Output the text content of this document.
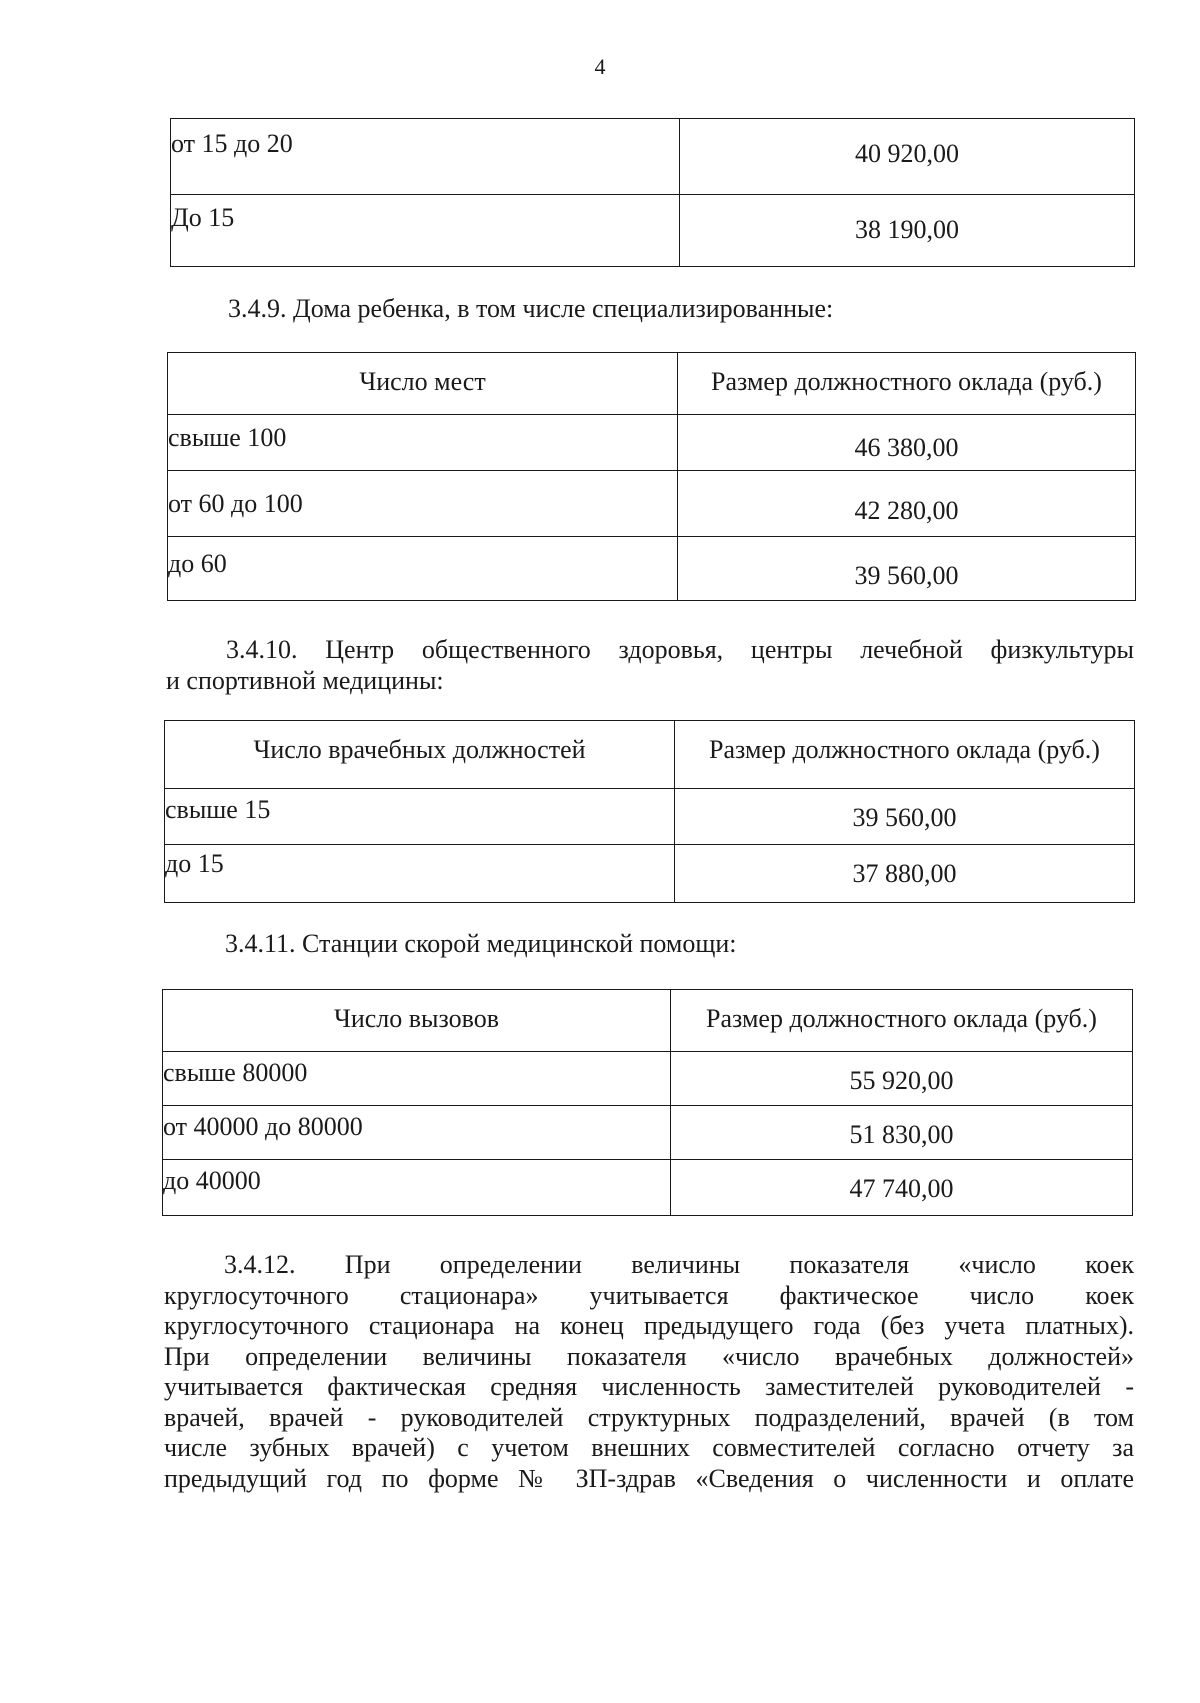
4
от 15 до 20	40 920,00

До 15	38 190,00
3.4.9. Дома ребенка, в том числе специализированные:
Число мест	Размер должностного оклада (руб.)

свыше 100	46 380,00

от 60 до 100	42 280,00

до 60	39 560,00
3.4.10. Центр общественного здоровья, центры лечебной физкультуры
и спортивной медицины:
Число врачебных должностей	Размер должностного оклада (руб.)

свыше 15	39 560,00

до 15	37 880,00
3.4.11. Станции скорой медицинской помощи:
Число вызовов	Размер должностного оклада (руб.)

свыше 80000	55 920,00

от 40000 до 80000	51 830,00

до 40000	47 740,00
3.4.12. При определении величины показателя «число коек
круглосуточного стационара» учитывается фактическое число коек
круглосуточного стационара на конец предыдущего года (без учета платных).
При определении величины показателя «число врачебных должностей»
учитывается фактическая средняя численность заместителей руководителей -
врачей, врачей - руководителей структурных подразделений, врачей (в том
числе зубных врачей) с учетом внешних совместителей согласно отчету за
предыдущий год по форме № ЗП-здрав «Сведения о численности и оплате
